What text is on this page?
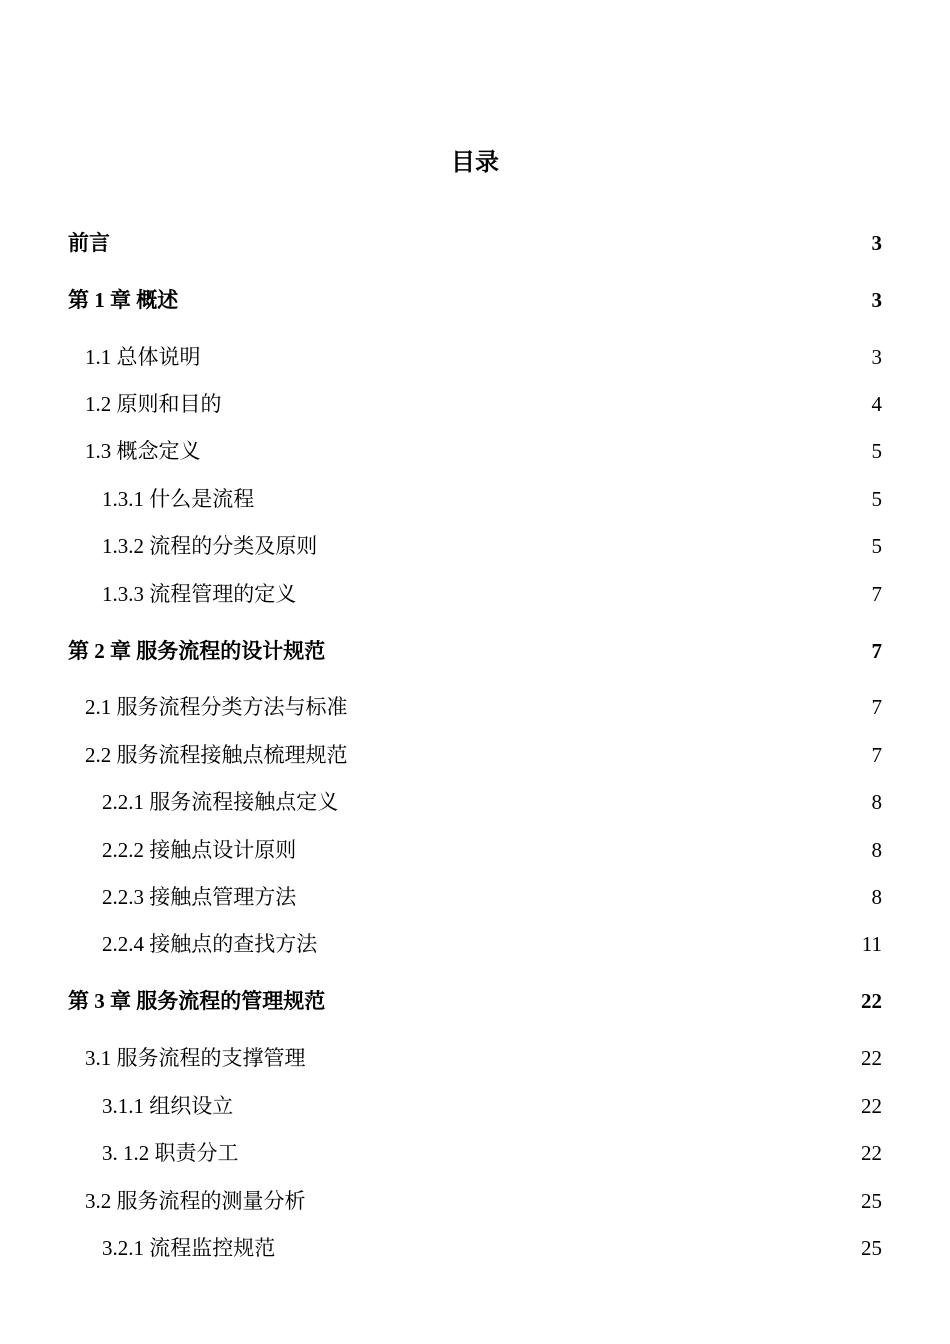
目录
前言	3
第 1 章 概述	3
1.1 总体说明	3
1.2 原则和目的	4
1.3 概念定义	5
1.3.1 什么是流程	5
1.3.2 流程的分类及原则	5
1.3.3 流程管理的定义	7
第 2 章 服务流程的设计规范	7
2.1 服务流程分类方法与标准	7
2.2 服务流程接触点梳理规范	7
2.2.1 服务流程接触点定义	8
2.2.2 接触点设计原则	8
2.2.3 接触点管理方法	8
2.2.4 接触点的查找方法	11
第 3 章 服务流程的管理规范	22
3.1 服务流程的支撑管理	22
3.1.1 组织设立	22
3. 1.2 职责分工	22
3.2 服务流程的测量分析	25
3.2.1 流程监控规范	25
